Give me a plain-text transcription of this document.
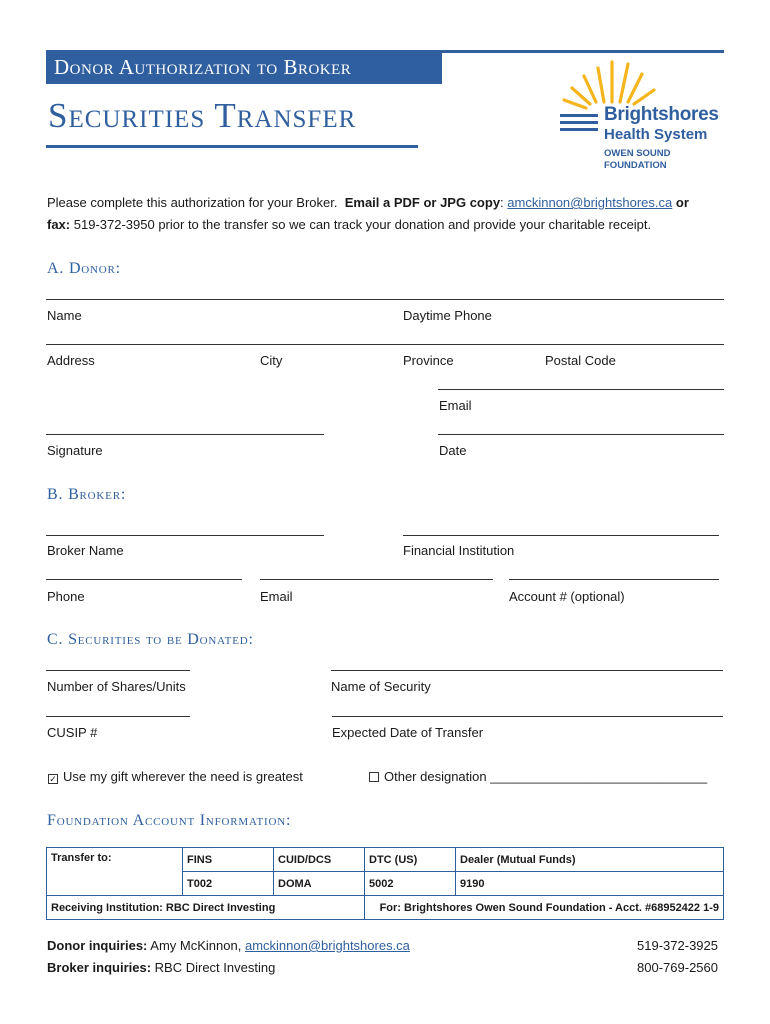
Donor Authorization to Broker
Securities Transfer	Brightshores
Health System
OWEN SOUND
FOUNDATION
Please complete this authorization for your Broker. Email a PDF or JPG copy: amckinnon@brightshores.ca or
fax: 519-372-3950 prior to the transfer so we can track your donation and provide your charitable receipt.
A. Donor:
Name	Daytime Phone
Address	City	Province	Postal Code
Email
Signature	Date
B. Broker:
Broker Name	Financial Institution
Phone	Email	Account # (optional)
C. Securities to be Donated:
Number of Shares/Units	Name of Security
CUSIP #	Expected Date of Transfer
✓ Use my gift wherever the need is greatest	Other designation ______________________________
Foundation Account Information:
Transfer to:	FINS	CUID/DCS	DTC (US)	Dealer (Mutual Funds)
	T002	DOMA	5002	9190
Receiving Institution: RBC Direct Investing			For: Brightshores Owen Sound Foundation - Acct. #68952422 1-9	
Donor inquiries: Amy McKinnon, amckinnon@brightshores.ca	519-372-3925
Broker inquiries: RBC Direct Investing	800-769-2560
